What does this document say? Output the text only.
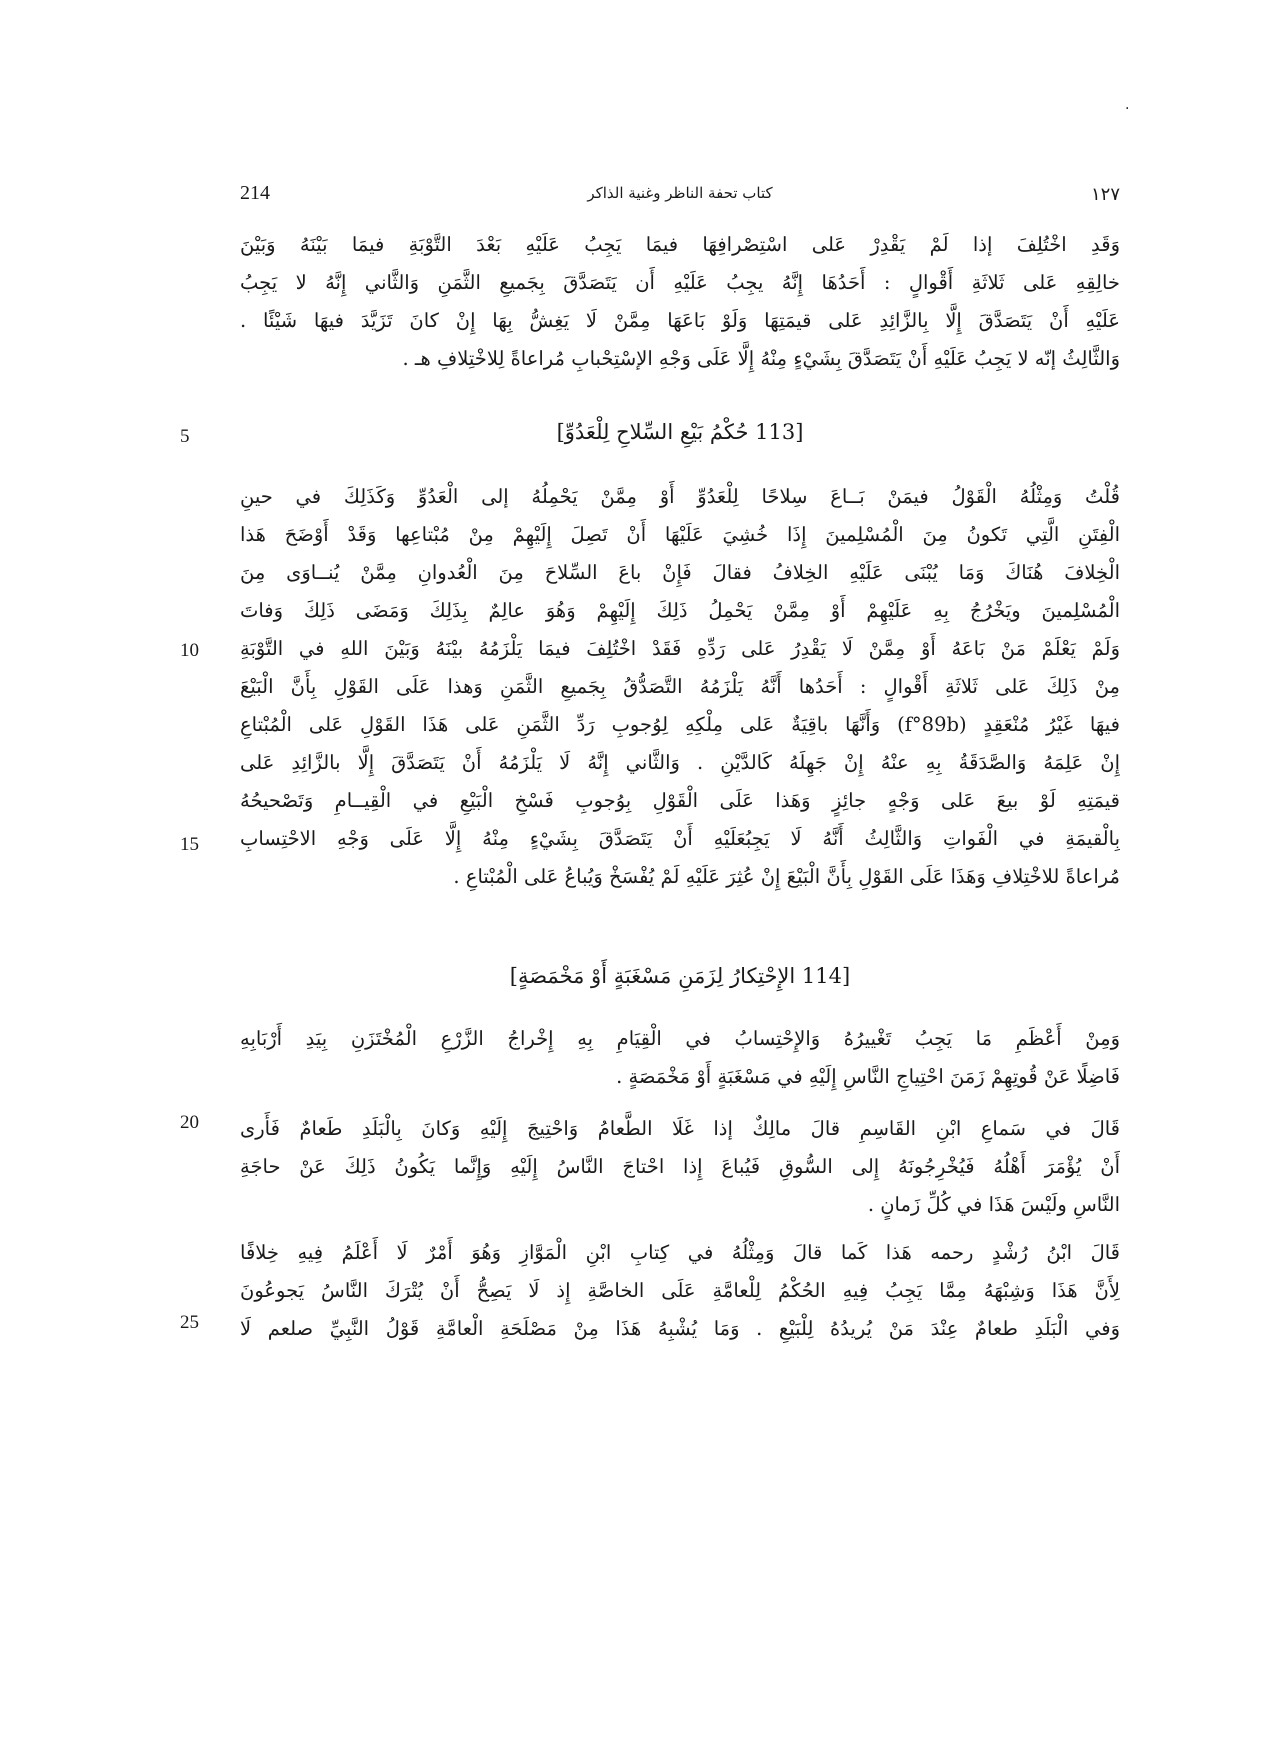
٠
214	كتاب تحفة الناظر وغنية الذاكر	١٢٧
وَقَدِ اخْتُلِفَ إذا لَمْ يَقْدِرْ عَلى اسْتِصْرافِهَا فيمَا يَجِبُ عَلَيْهِ بَعْدَ التَّوْبَةِ فيمَا بَيْنَهُ وَبَيْنَ
خالِقِهِ عَلى ثَلاثَةِ أَقْوالٍ : أَحَدُهَا إِنَّهُ يجِبُ عَلَيْهِ أَن يَتَصَدَّقَ بِجَميعِ الثَّمَنِ وَالثَّاني إِنَّهُ لا يَجِبُ
عَلَيْهِ أَنْ يَتَصَدَّقَ إِلَّا بِالزَّائِدِ عَلى قيمَتِهَا وَلَوْ بَاعَهَا مِمَّنْ لَا يَغِشُّ بِهَا إِنْ كانَ تَزَيَّدَ فيهَا شَيْئًا .
وَالثَّالِثُ إنّه لا يَجِبُ عَلَيْهِ أَنْ يَتَصَدَّقَ بِشَيْءٍ مِنْهُ إِلَّا عَلَى وَجْهِ الإسْتِحْبابِ مُراعاةً لِلاخْتِلافِ هـ .
[113 حُكْمُ بَيْعِ السِّلاحِ لِلْعَدُوِّ]
5
قُلْتُ وَمِثْلُهُ الْقَوْلُ فيمَنْ بَــاعَ سِلاحًا لِلْعَدُوِّ أَوْ مِمَّنْ يَحْمِلُهُ إلى الْعَدُوِّ وَكَذَلِكَ في حينِ
الْفِتَنِ الَّتِي تَكونُ مِنَ الْمُسْلِمينَ إِذَا خُشِيَ عَلَيْهَا أَنْ تَصِلَ إِلَيْهِمْ مِنْ مُبْتاعِها وَقَدْ أَوْضَحَ هَذا
الْخِلافَ هُنَاكَ وَمَا يُبْنَى عَلَيْهِ الخِلافُ فقالَ فَإِنْ باعَ السِّلاحَ مِنَ الْعُدوانِ مِمَّنْ يُنــاوَى مِنَ
الْمُسْلِمينَ ويَخْرُجُ بِهِ عَلَيْهِمْ أَوْ مِمَّنْ يَحْمِلُ ذَلِكَ إِلَيْهِمْ وَهُوَ عالِمٌ بِذَلِكَ وَمَضَى ذَلِكَ وَفاتَ
وَلَمْ يَعْلَمْ مَنْ بَاعَهُ أَوْ مِمَّنْ لَا يَقْدِرُ عَلى رَدِّهِ فَقَدْ اخْتُلِفَ فيمَا يَلْزَمُهُ بيْنَهُ وَبَيْنَ اللهِ في التَّوْبَةِ
مِنْ ذَلِكَ عَلى ثَلاثَةِ أَقْوالٍ : أَحَدُها أَنَّهُ يَلْزَمُهُ التَّصَدُّقُ بِجَميعِ الثَّمَنِ وَهذا عَلَى القَوْلِ بِأَنَّ الْبَيْعَ
فيهَا غَيْرُ مُنْعَقِدٍ (f°89b) وَأَنَّهَا باقِيَةٌ عَلى مِلْكِهِ لِوُجوبِ رَدِّ الثَّمَنِ عَلى هَذَا القَوْلِ عَلى الْمُبْتاعِ
إِنْ عَلِمَهُ وَالصَّدَقَةُ بِهِ عنْهُ إِنْ جَهِلَهُ كَالدَّيْنِ . وَالثَّاني إِنَّهُ لَا يَلْزَمُهُ أَنْ يَتَصَدَّقَ إِلَّا بالزَّائِدِ عَلى
قيمَتِهِ لَوْ بيعَ عَلى وَجْهٍ جائِزٍ وَهَذا عَلَى الْقَوْلِ بِوُجوبِ فَسْخِ الْبَيْعِ في الْقِيــامِ وَتَصْحيحُهُ
بِالْقيمَةِ في الْفَواتِ وَالثَّالِثُ أَنَّهُ لَا يَجِبُعَلَيْهِ أَنْ يَتَصَدَّقَ بِشَيْءٍ مِنْهُ إِلَّا عَلَى وَجْهِ الاحْتِسابِ
مُراعاةً للاخْتِلافِ وَهَذَا عَلَى القَوْلِ بِأَنَّ الْبَيْعَ إِنْ عُثِرَ عَلَيْهِ لَمْ يُفْسَخْ وَيُباعُ عَلى الْمُبْتاعِ .
10
15
[114 الإِحْتِكارُ لِزَمَنِ مَسْغَبَةٍ أَوْ مَخْمَصَةٍ]
وَمِنْ أَعْظَمِ مَا يَجِبُ تَغْييرُهُ وَالإِحْتِسابُ في الْقِيَامِ بِهِ إِخْراجُ الزَّرْعِ الْمُخْتَزَنِ بِيَدِ أَرْبَابِهِ
فَاضِلًا عَنْ قُوتِهِمْ زَمَنَ احْتِياجِ النَّاسِ إِلَيْهِ في مَسْغَبَةٍ أَوْ مَخْمَصَةٍ .
قَالَ في سَماعِ ابْنِ القَاسِمِ قالَ مالِكٌ إذا غَلَا الطَّعامُ وَاحْتِيجَ إِلَيْهِ وَكانَ بِالْبَلَدِ طَعامٌ فَأَرى
أَنْ يُؤْمَرَ أَهْلُهُ فَيُخْرِجُونَهُ إِلى السُّوقِ فَيُباعَ إِذا احْتاجَ النَّاسُ إِلَيْهِ وَإِنَّما يَكُونُ ذَلِكَ عَنْ حاجَةِ
النَّاسِ ولَيْسَ هَذَا في كُلِّ زَمانٍ .
20
قَالَ ابْنُ رُشْدٍ رحمه هَذا كَما قالَ وَمِثْلُهُ في كِتابِ ابْنِ الْمَوَّازِ وَهُوَ أَمْرٌ لَا أَعْلَمُ فِيهِ خِلافًا
لِأَنَّ هَذَا وَشِبْهَهُ مِمَّا يَجِبُ فِيهِ الحُكْمُ لِلْعامَّةِ عَلَى الخاصَّةِ إِذ لَا يَصِحُّ أَنْ يُتْرَكَ النَّاسُ يَجوعُونَ
وَفي الْبَلَدِ طعامٌ عِنْدَ مَنْ يُريدُهُ لِلْبَيْعِ . وَمَا يُشْبِهُ هَذَا مِنْ مَصْلَحَةِ الْعامَّةِ قَوْلُ النَّبِيِّ صلعم لَا
25
